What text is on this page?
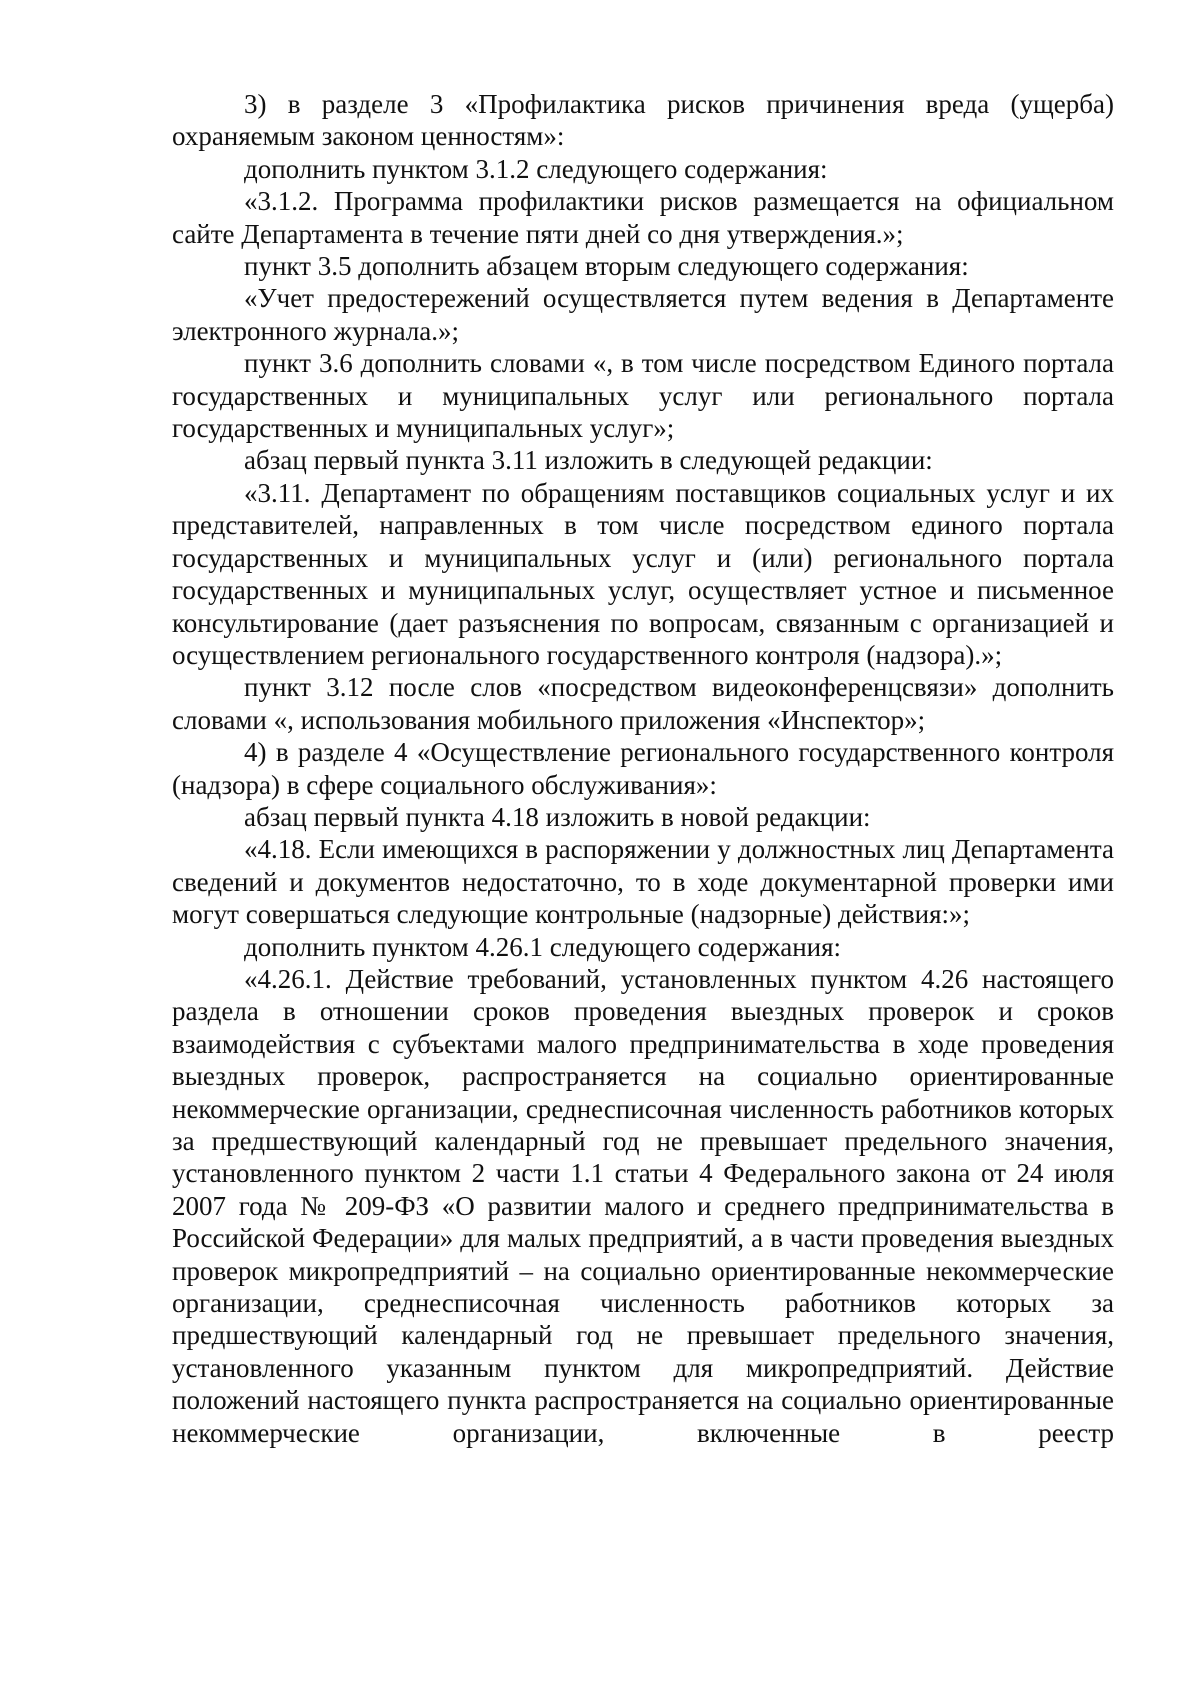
3) в разделе 3 «Профилактика рисков причинения вреда (ущерба) охраняемым законом ценностям»:

дополнить пунктом 3.1.2 следующего содержания:

«3.1.2. Программа профилактики рисков размещается на официальном сайте Департамента в течение пяти дней со дня утверждения.»;

пункт 3.5 дополнить абзацем вторым следующего содержания:

«Учет предостережений осуществляется путем ведения в Департаменте электронного журнала.»;

пункт 3.6 дополнить словами «, в том числе посредством Единого портала государственных и муниципальных услуг или регионального портала государственных и муниципальных услуг»;

абзац первый пункта 3.11 изложить в следующей редакции:

«3.11. Департамент по обращениям поставщиков социальных услуг и их представителей, направленных в том числе посредством единого портала государственных и муниципальных услуг и (или) регионального портала государственных и муниципальных услуг, осуществляет устное и письменное консультирование (дает разъяснения по вопросам, связанным с организацией и осуществлением регионального государственного контроля (надзора).»;

пункт 3.12 после слов «посредством видеоконференцсвязи» дополнить словами «, использования мобильного приложения «Инспектор»;

4) в разделе 4 «Осуществление регионального государственного контроля (надзора) в сфере социального обслуживания»:

абзац первый пункта 4.18 изложить в новой редакции:

«4.18. Если имеющихся в распоряжении у должностных лиц Департамента сведений и документов недостаточно, то в ходе документарной проверки ими могут совершаться следующие контрольные (надзорные) действия:»;

дополнить пунктом 4.26.1 следующего содержания:

«4.26.1. Действие требований, установленных пунктом 4.26 настоящего раздела в отношении сроков проведения выездных проверок и сроков взаимодействия с субъектами малого предпринимательства в ходе проведения выездных проверок, распространяется на социально ориентированные некоммерческие организации, среднесписочная численность работников которых за предшествующий календарный год не превышает предельного значения, установленного пунктом 2 части 1.1 статьи 4 Федерального закона от 24 июля 2007 года № 209-ФЗ «О развитии малого и среднего предпринимательства в Российской Федерации» для малых предприятий, а в части проведения выездных проверок микропредприятий – на социально ориентированные некоммерческие организации, среднесписочная численность работников которых за предшествующий календарный год не превышает предельного значения, установленного указанным пунктом для микропредприятий. Действие положений настоящего пункта распространяется на социально ориентированные некоммерческие организации, включенные в реестр
